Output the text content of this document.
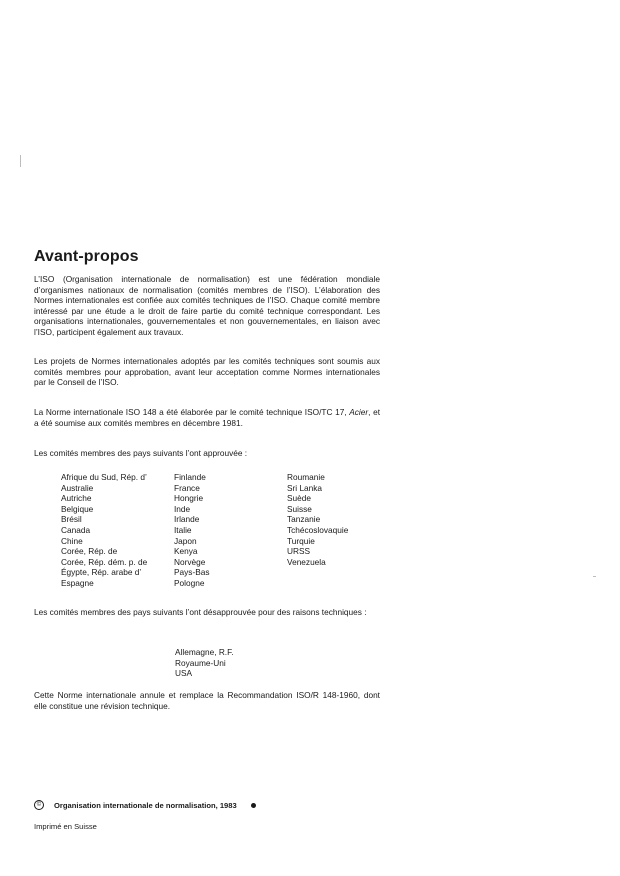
Avant-propos

L’ISO (Organisation internationale de normalisation) est une fédération mondiale d’organismes nationaux de normalisation (comités membres de l’ISO). L’élaboration des Normes internationales est confiée aux comités techniques de l’ISO. Chaque comité membre intéressé par une étude a le droit de faire partie du comité technique correspondant. Les organisations internationales, gouvernementales et non gouvernementales, en liaison avec l’ISO, participent également aux travaux.

Les projets de Normes internationales adoptés par les comités techniques sont soumis aux comités membres pour approbation, avant leur acceptation comme Normes internationales par le Conseil de l’ISO.

La Norme internationale ISO 148 a été élaborée par le comité technique ISO/TC 17, Acier, et a été soumise aux comités membres en décembre 1981.

Les comités membres des pays suivants l’ont approuvée :

Afrique du Sud, Rép. d’
Australie
Autriche
Belgique
Brésil
Canada
Chine
Corée, Rép. de
Corée, Rép. dém. p. de
Égypte, Rép. arabe d’
Espagne
Finlande
France
Hongrie
Inde
Irlande
Italie
Japon
Kenya
Norvège
Pays-Bas
Pologne
Roumanie
Sri Lanka
Suède
Suisse
Tanzanie
Tchécoslovaquie
Turquie
URSS
Venezuela

Les comités membres des pays suivants l’ont désapprouvée pour des raisons techniques :

Allemagne, R.F.
Royaume-Uni
USA

Cette Norme internationale annule et remplace la Recommandation ISO/R 148-1960, dont elle constitue une révision technique.

©	Organisation internationale de normalisation, 1983
Imprimé en Suisse
